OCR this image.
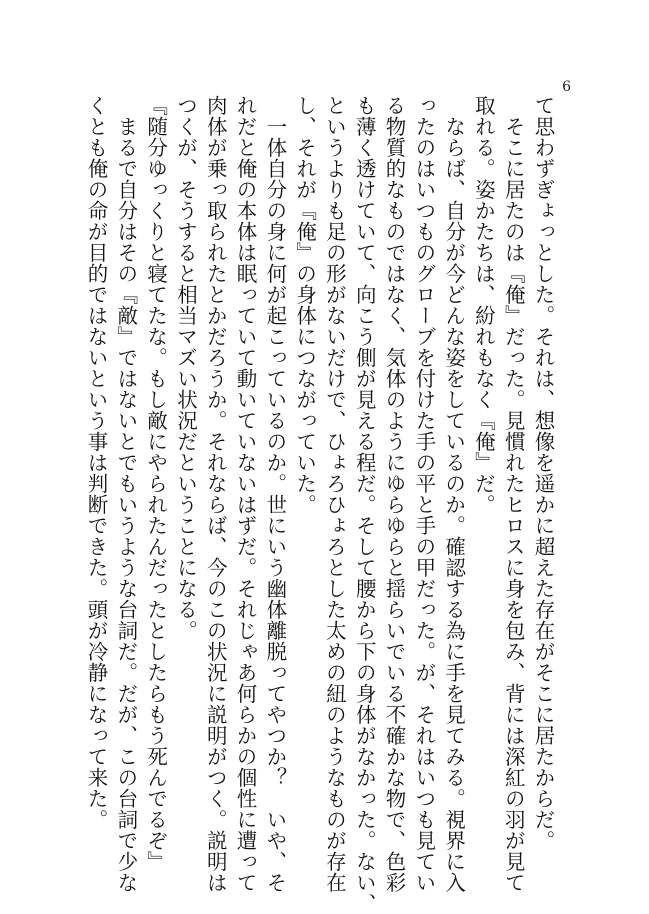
6
て思わずぎょっとした。それは、想像を遥かに超えた存在がそこに居たからだ。
　そこに居たのは『俺』だった。見慣れたヒロスに身を包み、背には深紅の羽が見て
取れる。姿かたちは、紛れもなく『俺』だ。
　ならば、自分が今どんな姿をしているのか。確認する為に手を見てみる。視界に入
ったのはいつものグローブを付けた手の平と手の甲だった。が、それはいつも見てい
る物質的なものではなく、気体のようにゆらゆらと揺らいでいる不確かな物で、色彩
も薄く透けていて、向こう側が見える程だ。そして腰から下の身体がなかった。ない、
というよりも足の形がないだけで、ひょろひょろとした太めの紐のようなものが存在
し、それが『俺』の身体につながっていた。
　一体自分の身に何が起こっているのか。世にいう幽体離脱ってやつか？　いや、そ
れだと俺の本体は眠っていて動いていないはずだ。それじゃあ何らかの個性に遭って
肉体が乗っ取られたとかだろうか。それならば、今のこの状況に説明がつく。説明は
つくが、そうすると相当マズい状況だということになる。
『随分ゆっくりと寝てたな。もし敵にやられたんだったとしたらもう死んでるぞ』
　まるで自分はその『敵』ではないとでもいうような台詞だ。だが、この台詞で少な
くとも俺の命が目的ではないという事は判断できた。頭が冷静になって来た。
